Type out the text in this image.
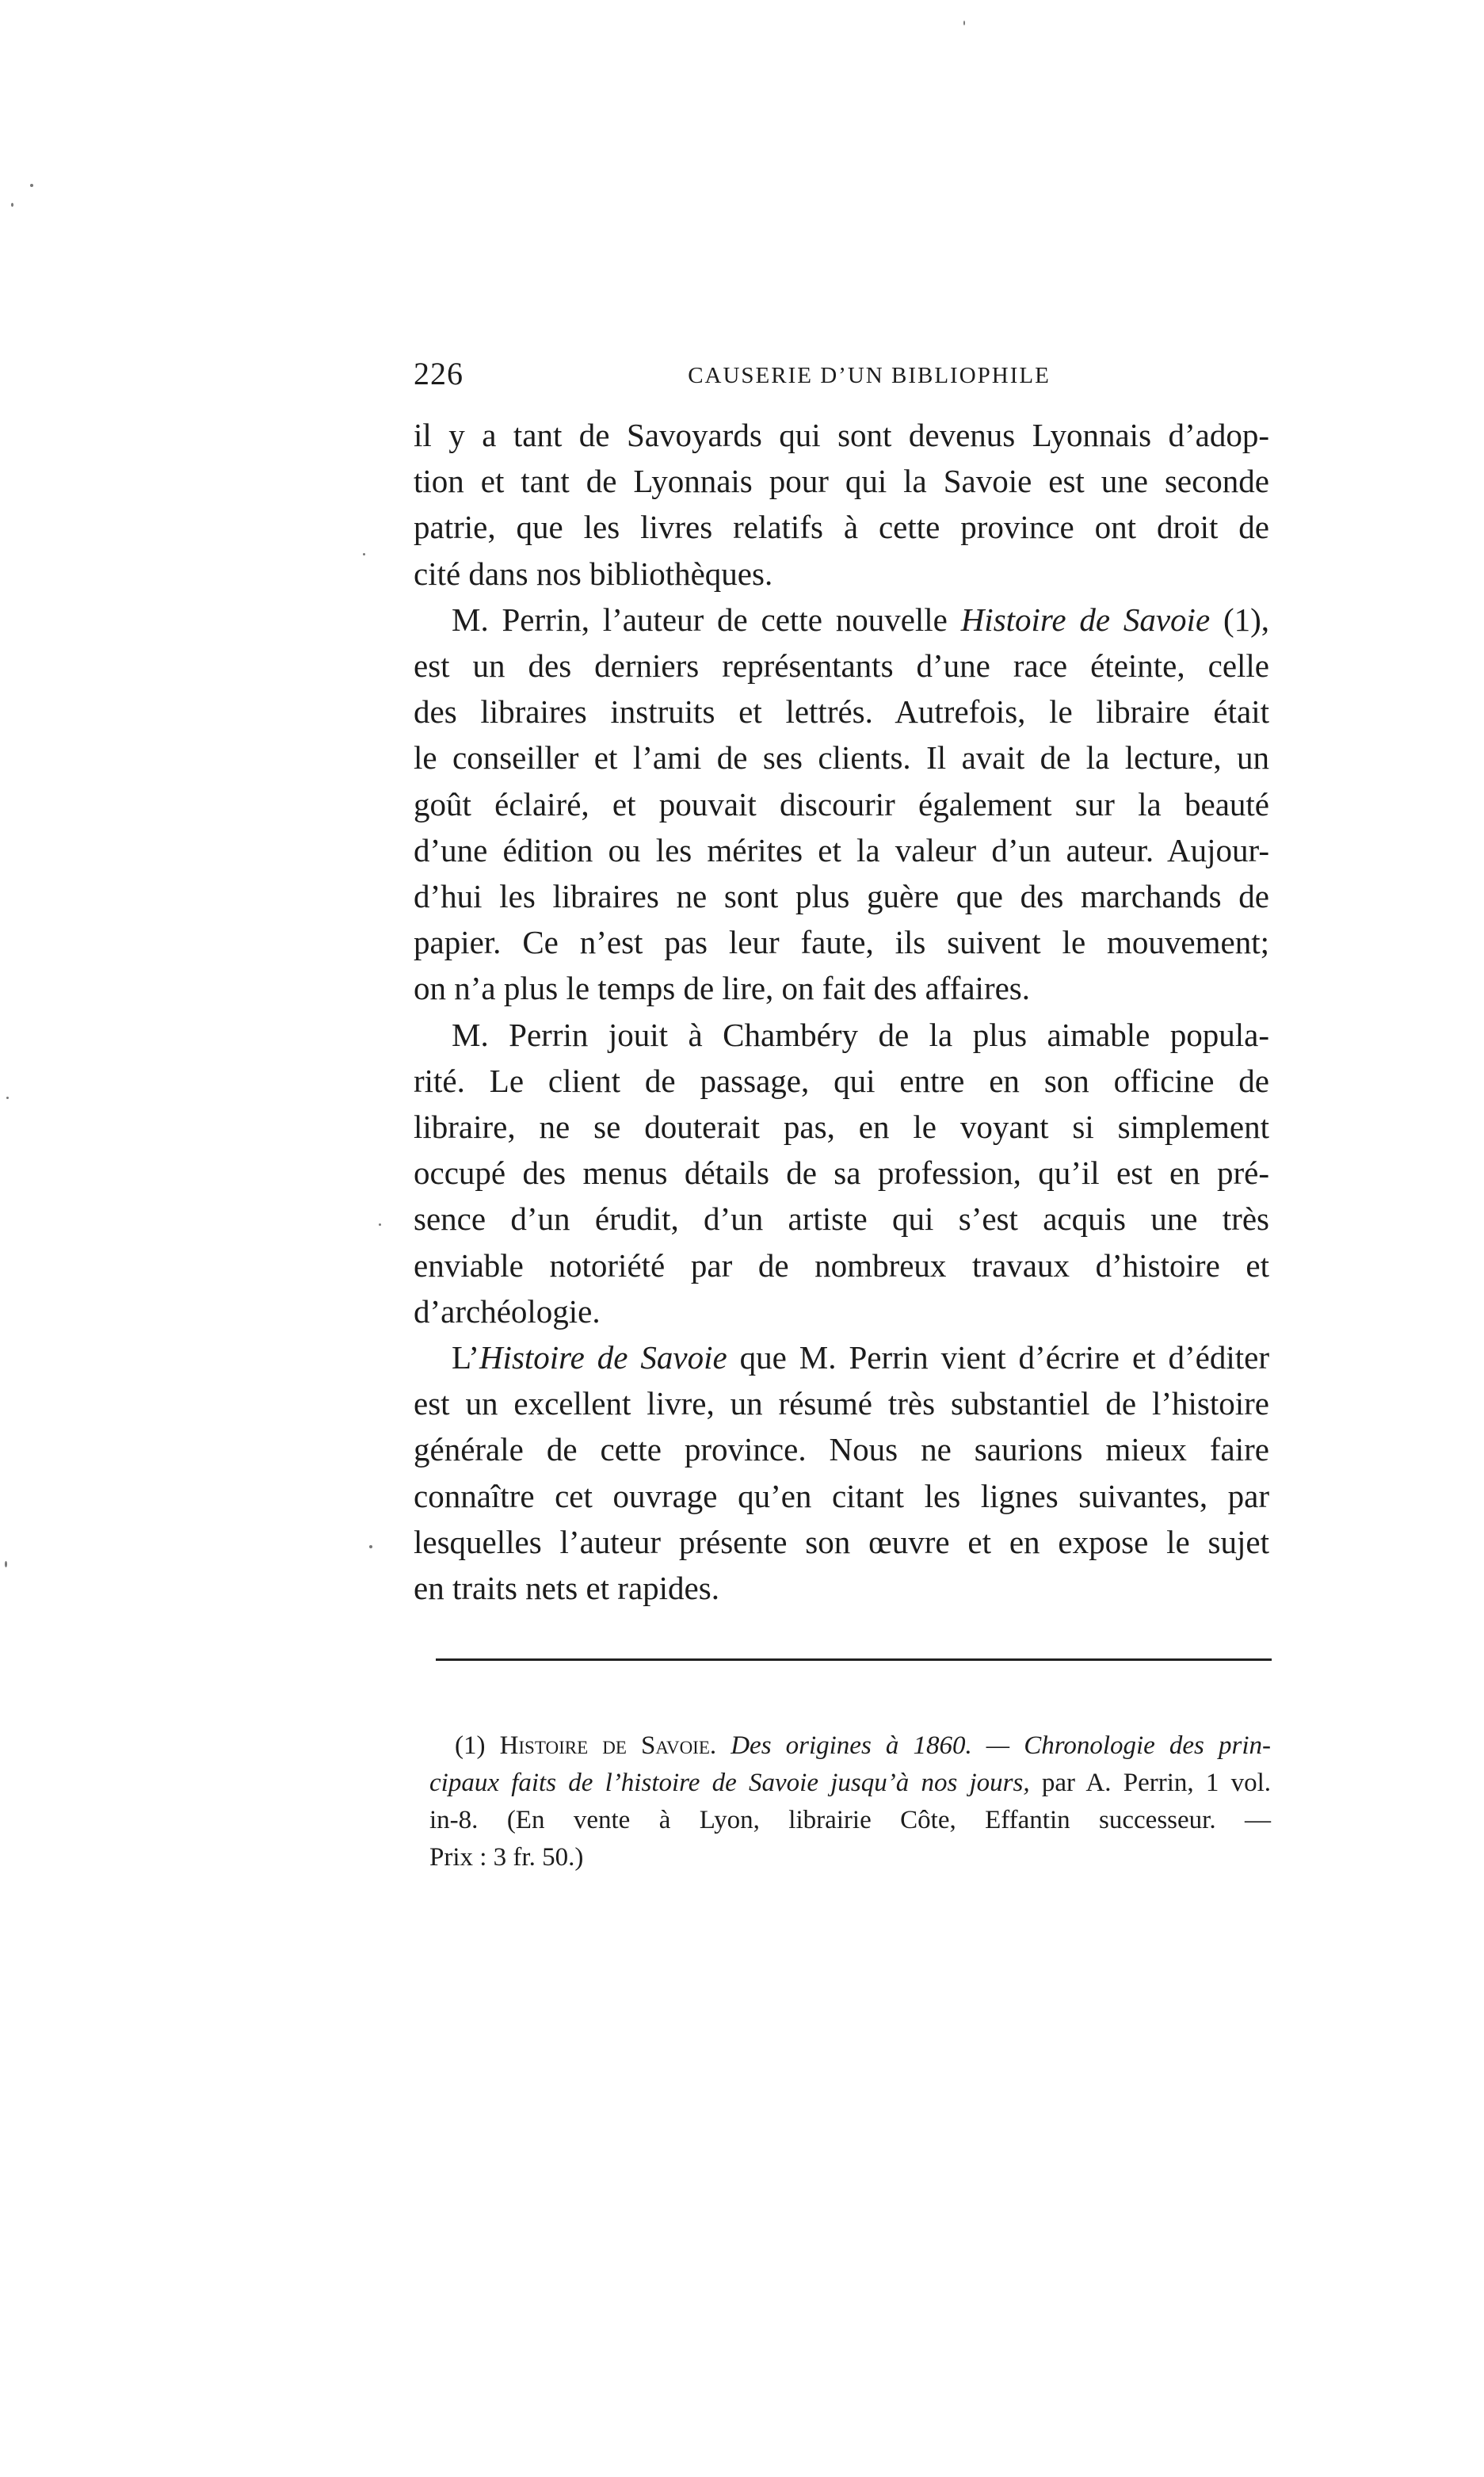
226	CAUSERIE D’UN BIBLIOPHILE

il y a tant de Savoyards qui sont devenus Lyonnais d’adop-
tion et tant de Lyonnais pour qui la Savoie est une seconde
patrie, que les livres relatifs à cette province ont droit de
cité dans nos bibliothèques.

M. Perrin, l’auteur de cette nouvelle Histoire de Savoie (1),
est un des derniers représentants d’une race éteinte, celle
des libraires instruits et lettrés. Autrefois, le libraire était
le conseiller et l’ami de ses clients. Il avait de la lecture, un
goût éclairé, et pouvait discourir également sur la beauté
d’une édition ou les mérites et la valeur d’un auteur. Aujour-
d’hui les libraires ne sont plus guère que des marchands de
papier. Ce n’est pas leur faute, ils suivent le mouvement;
on n’a plus le temps de lire, on fait des affaires.

M. Perrin jouit à Chambéry de la plus aimable popula-
rité. Le client de passage, qui entre en son officine de
libraire, ne se douterait pas, en le voyant si simplement
occupé des menus détails de sa profession, qu’il est en pré-
sence d’un érudit, d’un artiste qui s’est acquis une très
enviable notoriété par de nombreux travaux d’histoire et
d’archéologie.

L’Histoire de Savoie que M. Perrin vient d’écrire et d’éditer
est un excellent livre, un résumé très substantiel de l’histoire
générale de cette province. Nous ne saurions mieux faire
connaître cet ouvrage qu’en citant les lignes suivantes, par
lesquelles l’auteur présente son œuvre et en expose le sujet
en traits nets et rapides.

(1) Histoire de Savoie. Des origines à 1860. — Chronologie des prin-
cipaux faits de l’histoire de Savoie jusqu’à nos jours, par A. Perrin, 1 vol.
in-8. (En vente à Lyon, librairie Côte, Effantin successeur. —
Prix : 3 fr. 50.)
